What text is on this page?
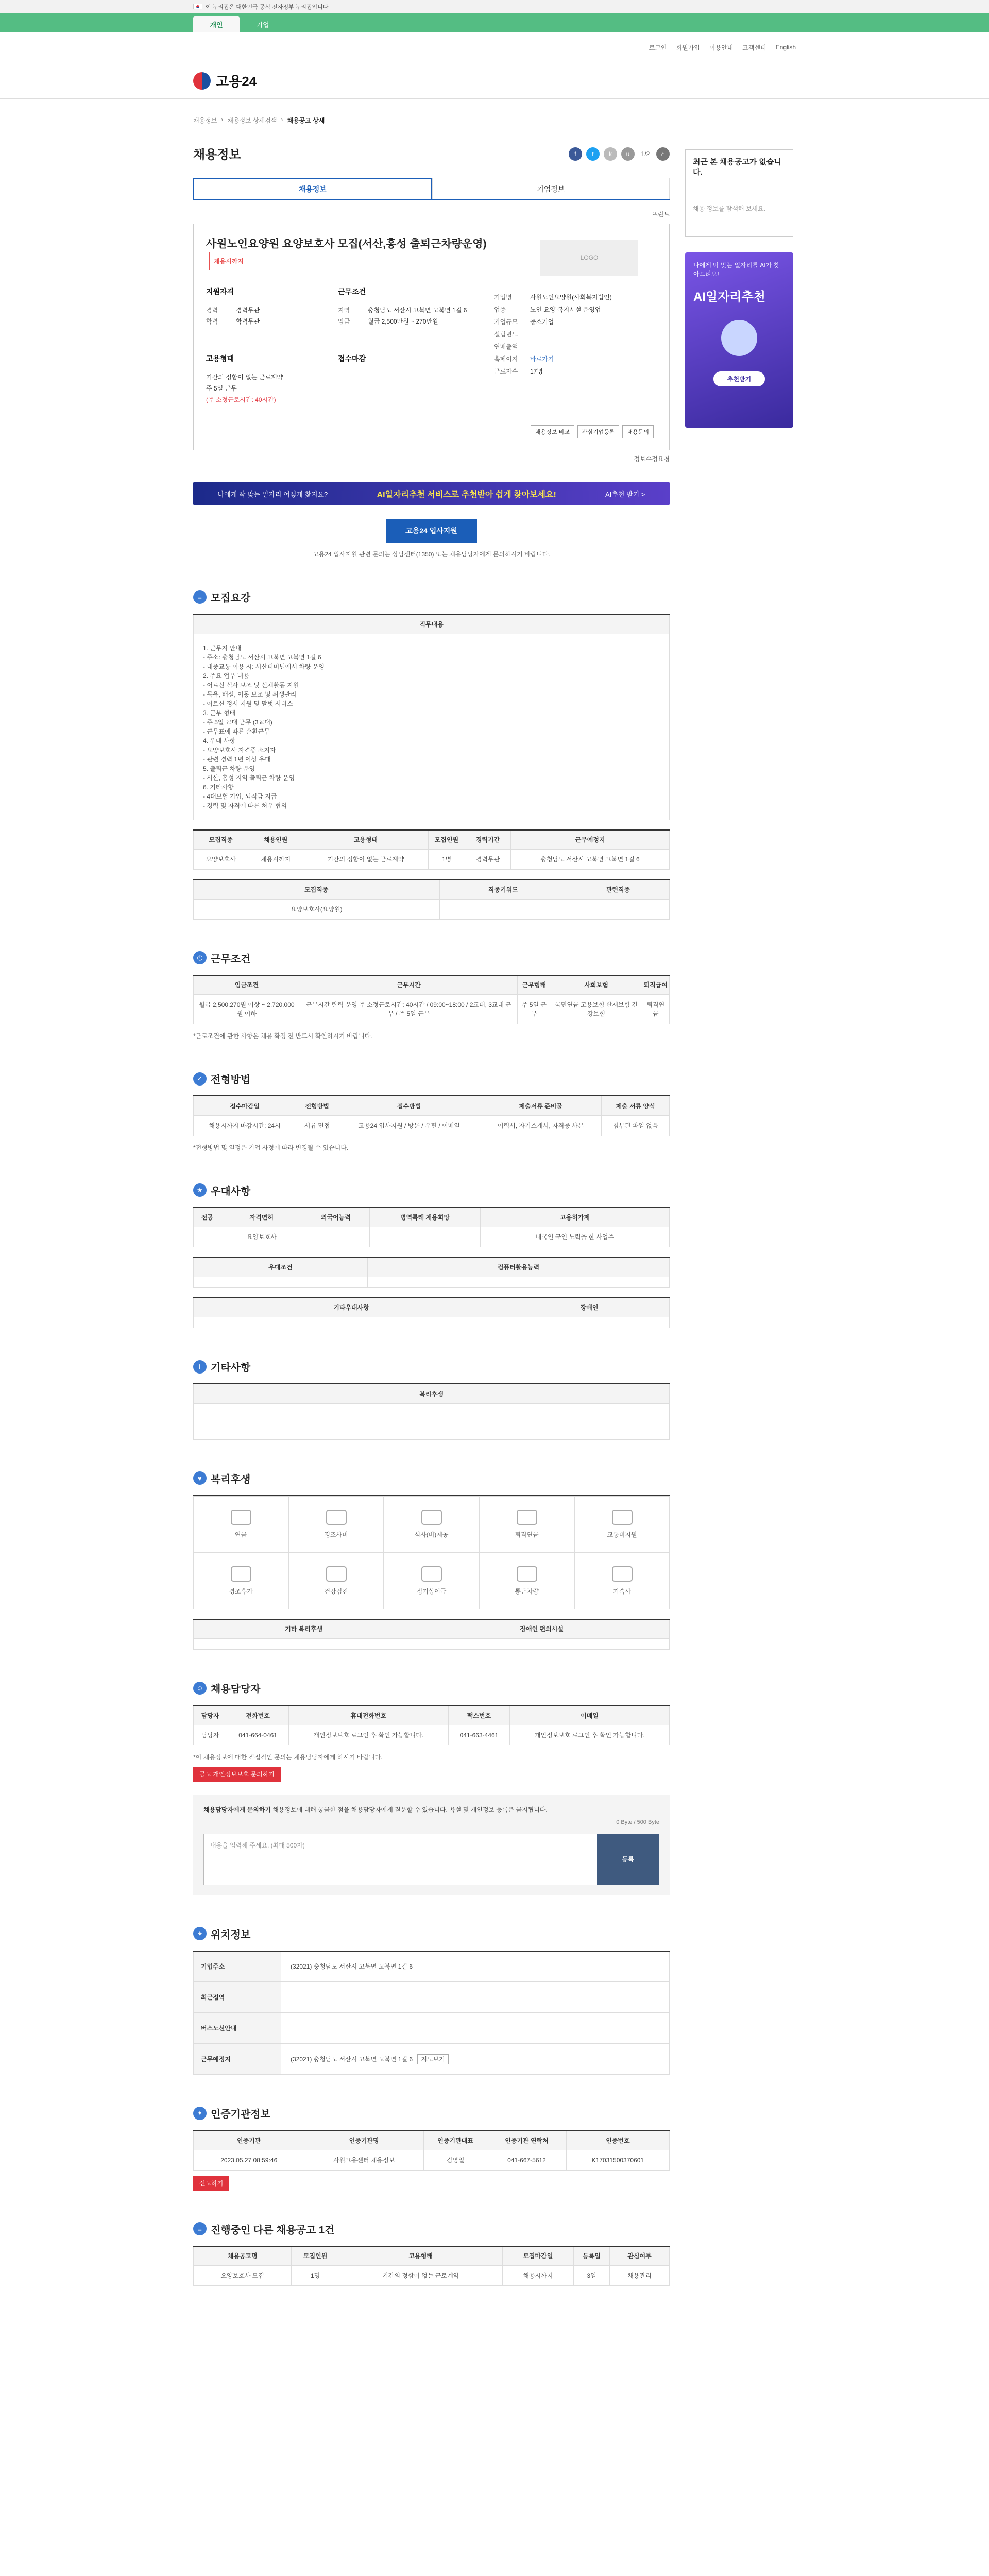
이 누리집은 대한민국 공식 전자정부 누리집입니다
개인	기업
로그인 회원가입 이용안내 고객센터 English
고용24
채용정보 › 채용정보 상세검색 › 채용공고 상세
채용정보	f	t	k	u	1/2	⌂
채용정보	기업정보
프린트
사원노인요양원 요양보호사 모집(서산,홍성 출퇴근차량운영)채용시까지	LOGO
지원자격
경력	경력무관
학력	학력무관
근무조건
지역	충청남도 서산시 고북면 고북면 1길 6
임금	월급 2,500만원 ~ 270만원
고용형태
기간의 정함이 없는 근로계약
주 5일 근무
(주 소정근로시간: 40시간)
접수마감
기업명	사원노인요양원(사회복지법인)
업종	노인 요양 복지시설 운영업
기업규모 중소기업
설립년도
연매출액
홈페이지 바로가기
근로자수 17명
채용정보 비교	관심기업등록	채용문의
정보수정요청
나에게 딱 맞는 일자리 어떻게 찾지요?	AI일자리추천 서비스로 추천받아 쉽게 찾아보세요!	AI추천 받기 >
고용24 입사지원
고용24 입사지원 관련 문의는 상담센터(1350) 또는 채용담당자에게 문의하시기 바랍니다.
≡ 모집요강
직무내용

1. 근무지 안내
- 주소: 충청남도 서산시 고북면 고북면 1길 6
- 대중교통 이용 시: 서산터미널에서 차량 운영
2. 주요 업무 내용
- 어르신 식사 보조 및 신체활동 지원
- 목욕, 배설, 이동 보조 및 위생관리
- 어르신 정서 지원 및 말벗 서비스
3. 근무 형태
- 주 5일 교대 근무 (3교대)
- 근무표에 따른 순환근무
4. 우대 사항
- 요양보호사 자격증 소지자
- 관련 경력 1년 이상 우대
5. 출퇴근 차량 운영
- 서산, 홍성 지역 출퇴근 차량 운영
6. 기타사항
- 4대보험 가입, 퇴직금 지급
- 경력 및 자격에 따른 처우 협의
모집직종	채용인원	고용형태	모집인원	경력기간	근무예정지
요양보호사	채용시까지	기간의 정함이 없는 근로계약	1명	경력무관	충청남도 서산시 고북면 고북면 1길 6
모집직종	직종키워드	관련직종
요양보호사(요양원)		
◷ 근무조건
임금조건	근무시간	근무형태	사회보험	퇴직급여
월급 2,500,270원 이상 ~ 2,720,000원 이하	근무시간 탄력 운영 주 소정근로시간: 40시간 / 09:00~18:00 / 2교대, 3교대 근무 / 주 5일 근무	주 5일 근무	국민연금 고용보험 산재보험 건강보험	퇴직연금
*근로조건에 관한 사항은 채용 확정 전 반드시 확인하시기 바랍니다.
✓ 전형방법
접수마감일	전형방법	접수방법	제출서류 준비물	제출 서류 양식
채용시까지 마감시간: 24시	서류 면접	고용24 입사지원 / 방문 / 우편 / 이메일	이력서, 자기소개서, 자격증 사본	첨부된 파일 없음
*전형방법 및 일정은 기업 사정에 따라 변경될 수 있습니다.
★ 우대사항
전공	자격면허	외국어능력	병역특례 채용희망	고용허가제
	요양보호사			내국인 구인 노력을 한 사업주
우대조건	컴퓨터활용능력

기타우대사항	장애인

i 기타사항
복리후생

♥ 복리후생
연금	경조사비	식사(비)제공	퇴직연금	교통비지원
경조휴가	건강검진	정기상여금	통근차량	기숙사
기타 복리후생	장애인 편의시설

☺ 채용담당자
담당자	전화번호	휴대전화번호	팩스번호	이메일
담당자	041-664-0461	개인정보보호 로그인 후 확인 가능합니다.	041-663-4461	개인정보보호 로그인 후 확인 가능합니다.
*이 채용정보에 대한 직접적인 문의는 채용담당자에게 하시기 바랍니다.
공고 개인정보보호 문의하기
채용담당자에게 문의하기 채용정보에 대해 궁금한 점을 채용담당자에게 질문할 수 있습니다. 욕설 및 개인정보 등록은 금지됩니다.
0 Byte / 500 Byte
내용을 입력해 주세요. (최대 500자)
등록
⌖ 위치정보
기업주소	(32021) 충청남도 서산시 고북면 고북면 1길 6
최근접역	
버스노선안내	
근무예정지	(32021) 충청남도 서산시 고북면 고북면 1길 6 지도보기
✦ 인증기관정보
인증기관	인증기관명	인증기관대표	인증기관 연락처	인증번호
2023.05.27 08:59:46	사원고용센터 채용정보	김영일	041-667-5612	K17031500370601
신고하기
≡ 진행중인 다른 채용공고 1건
채용공고명	모집인원	고용형태	모집마감일	등록일	관심여부
요양보호사 모집	1명	기간의 정함이 없는 근로계약	채용시까지	3일	채용관리
최근 본 채용공고가 없습니다.
채용 정보를 탐색해 보세요.
나에게 딱 맞는 일자리를 AI가 찾아드려요!
AI일자리추천
추천받기
